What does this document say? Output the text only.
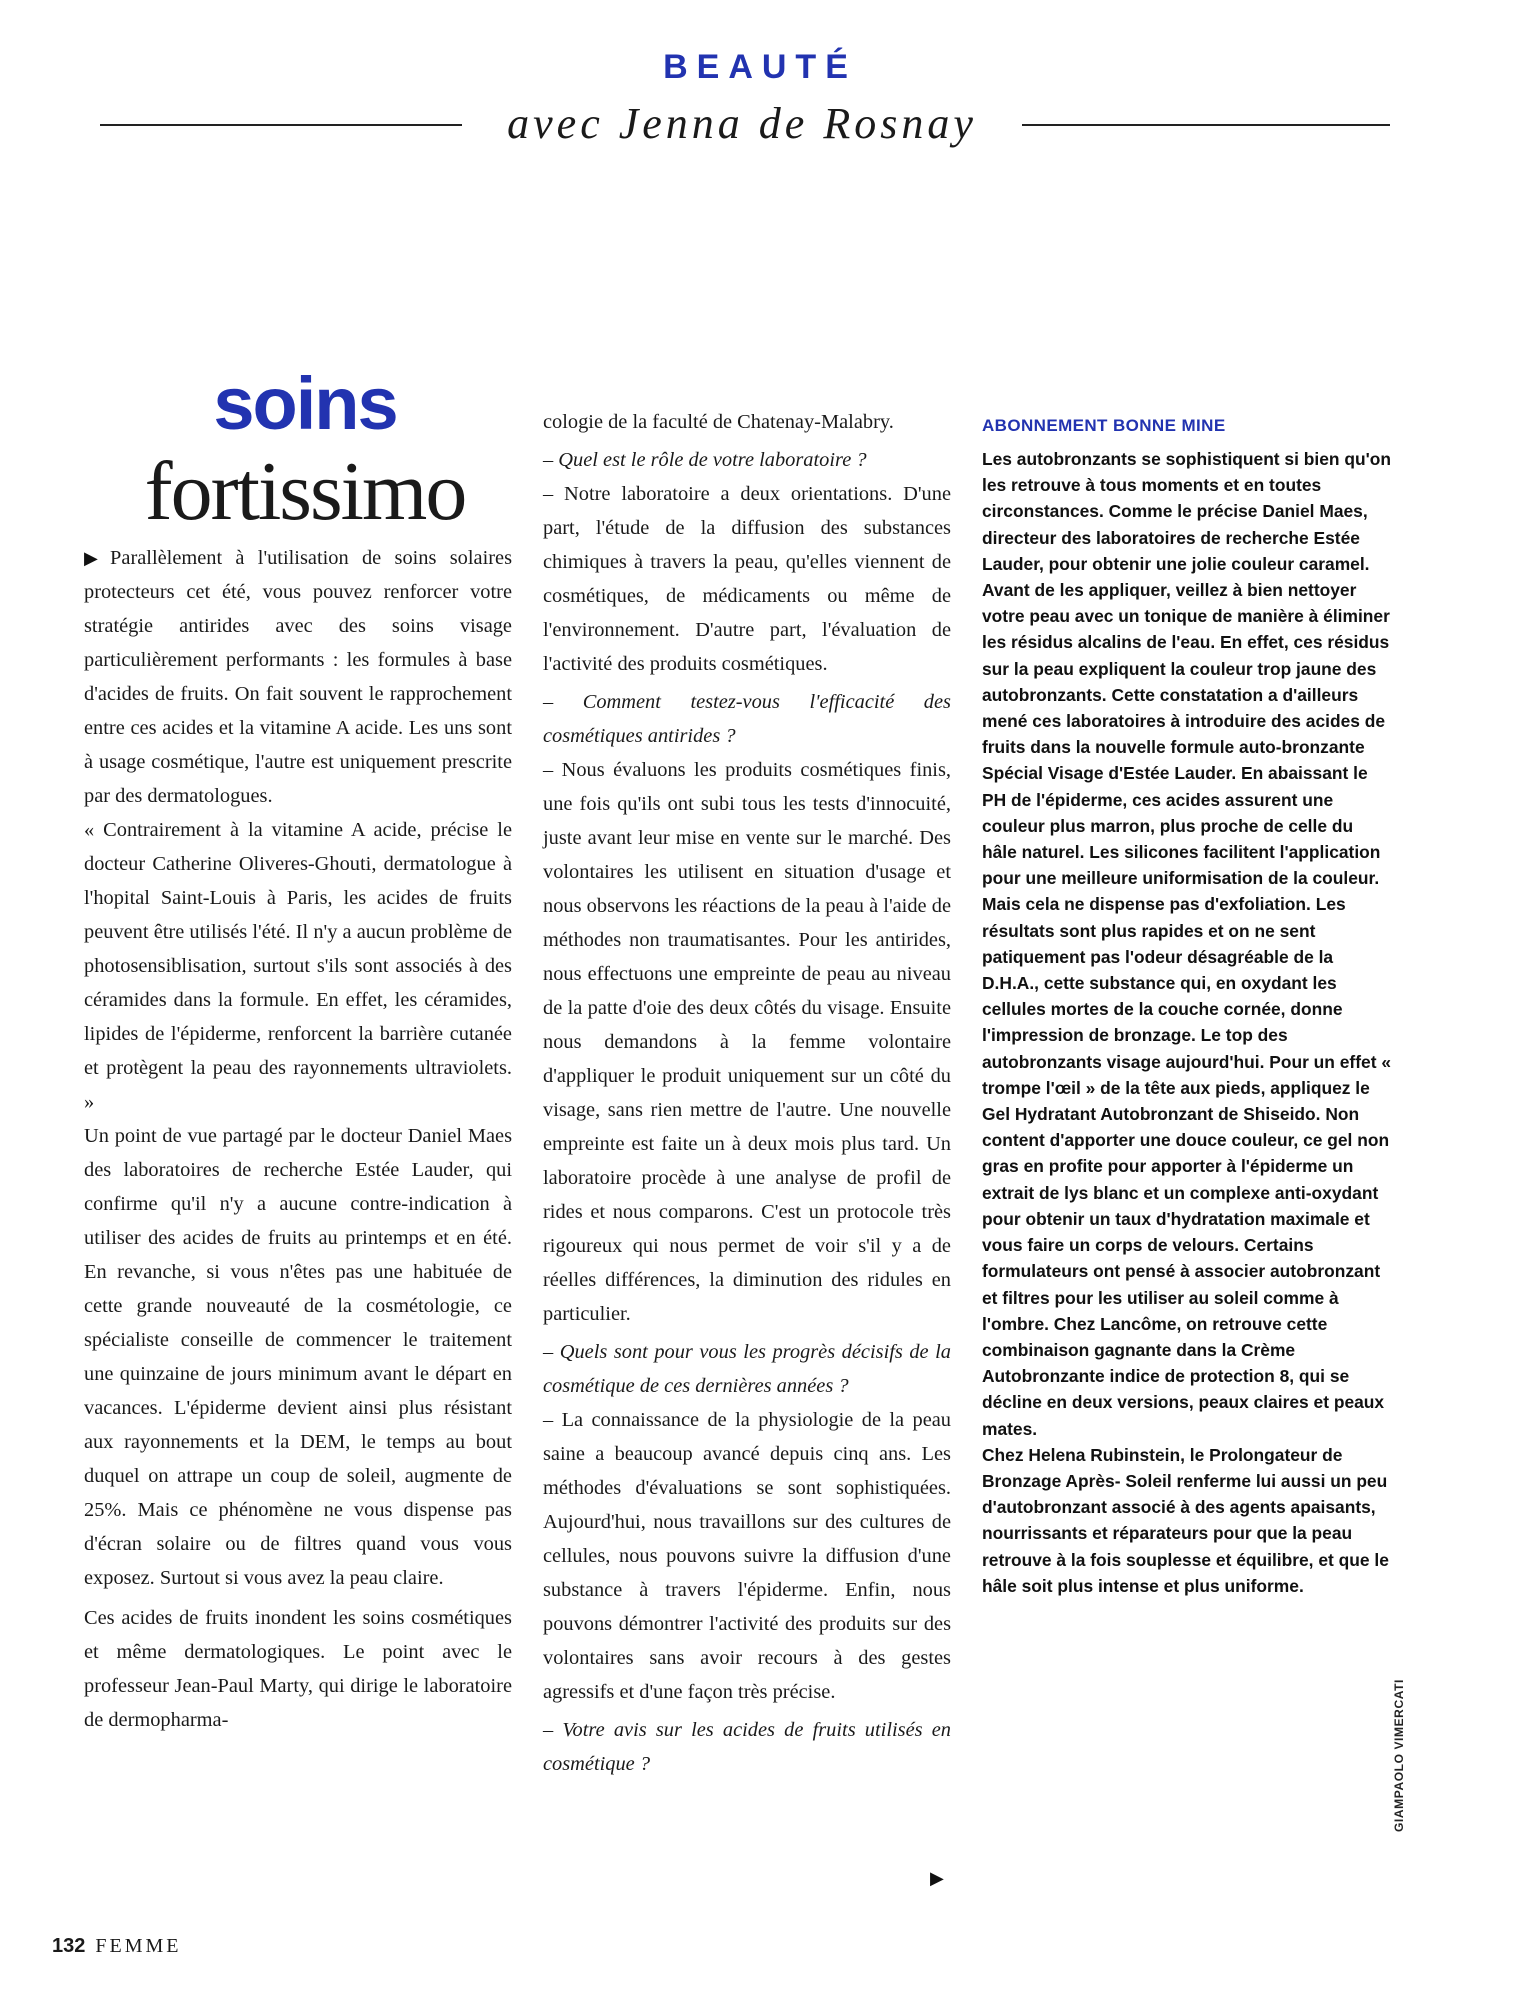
BEAUTÉ
avec Jenna de Rosnay
soins
fortissimo

▶ Parallèlement à l'utilisation de soins solaires protecteurs cet été, vous pouvez renforcer votre stratégie antirides avec des soins visage particulièrement performants : les formules à base d'acides de fruits. On fait souvent le rapprochement entre ces acides et la vitamine A acide. Les uns sont à usage cosmétique, l'autre est uniquement prescrite par des dermatologues.

« Contrairement à la vitamine A acide, précise le docteur Catherine Oliveres-Ghouti, dermatologue à l'hopital Saint-Louis à Paris, les acides de fruits peuvent être utilisés l'été. Il n'y a aucun problème de photosensiblisation, surtout s'ils sont associés à des céramides dans la formule. En effet, les céramides, lipides de l'épiderme, renforcent la barrière cutanée et protègent la peau des rayonnements ultraviolets. »

Un point de vue partagé par le docteur Daniel Maes des laboratoires de recherche Estée Lauder, qui confirme qu'il n'y a aucune contre-indication à utiliser des acides de fruits au printemps et en été. En revanche, si vous n'êtes pas une habituée de cette grande nouveauté de la cosmétologie, ce spécialiste conseille de commencer le traitement une quinzaine de jours minimum avant le départ en vacances. L'épiderme devient ainsi plus résistant aux rayonnements et la DEM, le temps au bout duquel on attrape un coup de soleil, augmente de 25%. Mais ce phénomène ne vous dispense pas d'écran solaire ou de filtres quand vous vous exposez. Surtout si vous avez la peau claire.

Ces acides de fruits inondent les soins cosmétiques et même dermatologiques. Le point avec le professeur Jean-Paul Marty, qui dirige le laboratoire de dermopharma-

cologie de la faculté de Chatenay-Malabry.

– Quel est le rôle de votre laboratoire ?

– Notre laboratoire a deux orientations. D'une part, l'étude de la diffusion des substances chimiques à travers la peau, qu'elles viennent de cosmétiques, de médicaments ou même de l'environnement. D'autre part, l'évaluation de l'activité des produits cosmétiques.

– Comment testez-vous l'efficacité des cosmétiques antirides ?

– Nous évaluons les produits cosmétiques finis, une fois qu'ils ont subi tous les tests d'innocuité, juste avant leur mise en vente sur le marché. Des volontaires les utilisent en situation d'usage et nous observons les réactions de la peau à l'aide de méthodes non traumatisantes. Pour les antirides, nous effectuons une empreinte de peau au niveau de la patte d'oie des deux côtés du visage. Ensuite nous demandons à la femme volontaire d'appliquer le produit uniquement sur un côté du visage, sans rien mettre de l'autre. Une nouvelle empreinte est faite un à deux mois plus tard. Un laboratoire procède à une analyse de profil de rides et nous comparons. C'est un protocole très rigoureux qui nous permet de voir s'il y a de réelles différences, la diminution des ridules en particulier.

– Quels sont pour vous les progrès décisifs de la cosmétique de ces dernières années ?

– La connaissance de la physiologie de la peau saine a beaucoup avancé depuis cinq ans. Les méthodes d'évaluations se sont sophistiquées. Aujourd'hui, nous travaillons sur des cultures de cellules, nous pouvons suivre la diffusion d'une substance à travers l'épiderme. Enfin, nous pouvons démontrer l'activité des produits sur des volontaires sans avoir recours à des gestes agressifs et d'une façon très précise.

– Votre avis sur les acides de fruits utilisés en cosmétique ?

▶
ABONNEMENT BONNE MINE

Les autobronzants se sophistiquent si bien qu'on les retrouve à tous moments et en toutes circonstances. Comme le précise Daniel Maes, directeur des laboratoires de recherche Estée Lauder, pour obtenir une jolie couleur caramel. Avant de les appliquer, veillez à bien nettoyer votre peau avec un tonique de manière à éliminer les résidus alcalins de l'eau. En effet, ces résidus sur la peau expliquent la couleur trop jaune des autobronzants. Cette constatation a d'ailleurs mené ces laboratoires à introduire des acides de fruits dans la nouvelle formule auto-bronzante Spécial Visage d'Estée Lauder. En abaissant le PH de l'épiderme, ces acides assurent une couleur plus marron, plus proche de celle du hâle naturel. Les silicones facilitent l'application pour une meilleure uniformisation de la couleur. Mais cela ne dispense pas d'exfoliation. Les résultats sont plus rapides et on ne sent patiquement pas l'odeur désagréable de la D.H.A., cette substance qui, en oxydant les cellules mortes de la couche cornée, donne l'impression de bronzage. Le top des autobronzants visage aujourd'hui. Pour un effet « trompe l'œil » de la tête aux pieds, appliquez le Gel Hydratant Autobronzant de Shiseido. Non content d'apporter une douce couleur, ce gel non gras en profite pour apporter à l'épiderme un extrait de lys blanc et un complexe anti-oxydant pour obtenir un taux d'hydratation maximale et vous faire un corps de velours. Certains formulateurs ont pensé à associer autobronzant et filtres pour les utiliser au soleil comme à l'ombre. Chez Lancôme, on retrouve cette combinaison gagnante dans la Crème Autobronzante indice de protection 8, qui se décline en deux versions, peaux claires et peaux mates.

Chez Helena Rubinstein, le Prolongateur de Bronzage Après- Soleil renferme lui aussi un peu d'autobronzant associé à des agents apaisants, nourrissants et réparateurs pour que la peau retrouve à la fois souplesse et équilibre, et que le hâle soit plus intense et plus uniforme.

GIAMPAOLO VIMERCATI
132 FEMME
